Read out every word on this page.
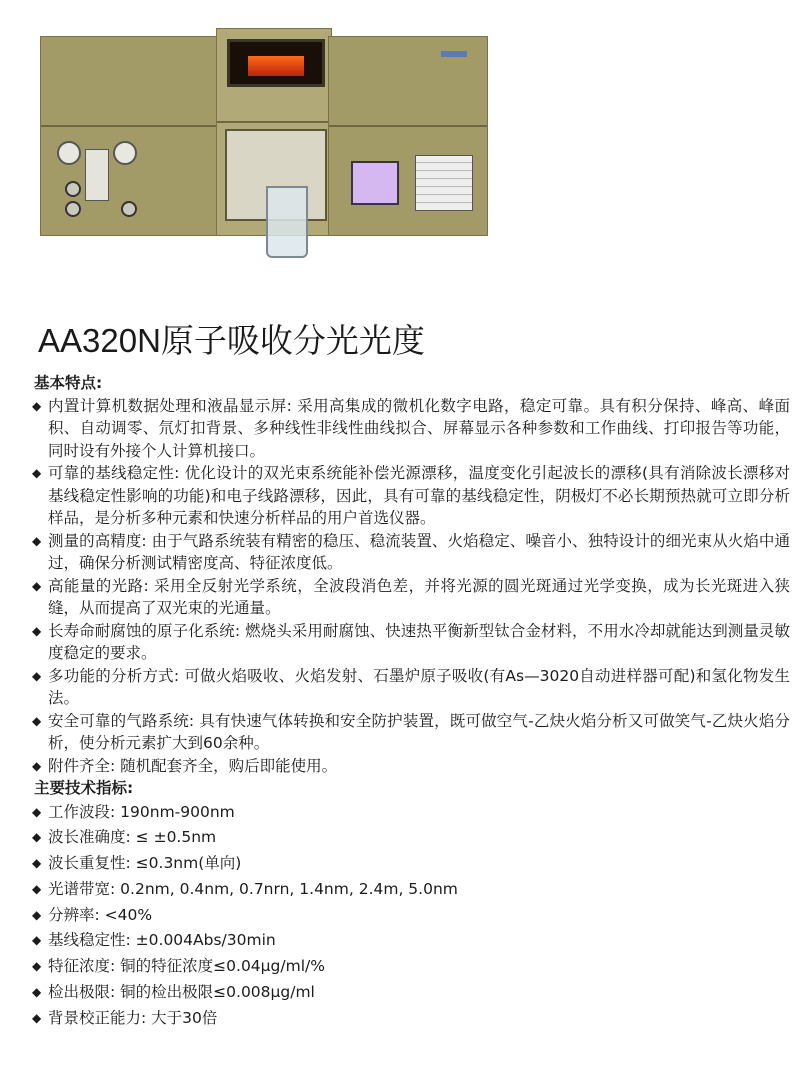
AA320N原子吸收分光光度

基本特点:

◆ 内置计算机数据处理和液晶显示屏: 采用高集成的微机化数字电路，稳定可靠。具有积分保持、峰高、峰面积、自动调零、氘灯扣背景、多种线性非线性曲线拟合、屏幕显示各种参数和工作曲线、打印报告等功能，同时设有外接个人计算机接口。

◆ 可靠的基线稳定性: 优化设计的双光束系统能补偿光源漂移，温度变化引起波长的漂移(具有消除波长漂移对基线稳定性影响的功能)和电子线路漂移，因此，具有可靠的基线稳定性，阴极灯不必长期预热就可立即分析样品，是分析多种元素和快速分析样品的用户首选仪器。

◆ 测量的高精度: 由于气路系统装有精密的稳压、稳流装置、火焰稳定、噪音小、独特设计的细光束从火焰中通过，确保分析测试精密度高、特征浓度低。

◆ 高能量的光路: 采用全反射光学系统，全波段消色差，并将光源的圆光斑通过光学变换，成为长光斑进入狭缝，从而提高了双光束的光通量。

◆ 长寿命耐腐蚀的原子化系统: 燃烧头采用耐腐蚀、快速热平衡新型钛合金材料，不用水冷却就能达到测量灵敏度稳定的要求。

◆ 多功能的分析方式: 可做火焰吸收、火焰发射、石墨炉原子吸收(有As—3020自动进样器可配)和氢化物发生法。

◆ 安全可靠的气路系统: 具有快速气体转换和安全防护装置，既可做空气-乙炔火焰分析又可做笑气-乙炔火焰分析，使分析元素扩大到60余种。

◆ 附件齐全: 随机配套齐全，购后即能使用。

主要技术指标:

◆ 工作波段: 190nm-900nm

◆ 波长准确度: ≤ ±0.5nm

◆ 波长重复性: ≤0.3nm(单向)

◆ 光谱带宽: 0.2nm, 0.4nm, 0.7nrn, 1.4nm, 2.4m, 5.0nm

◆ 分辨率: <40%

◆ 基线稳定性: ±0.004Abs/30min

◆ 特征浓度: 铜的特征浓度≤0.04μg/ml/%

◆ 检出极限: 铜的检出极限≤0.008μg/ml

◆ 背景校正能力: 大于30倍
